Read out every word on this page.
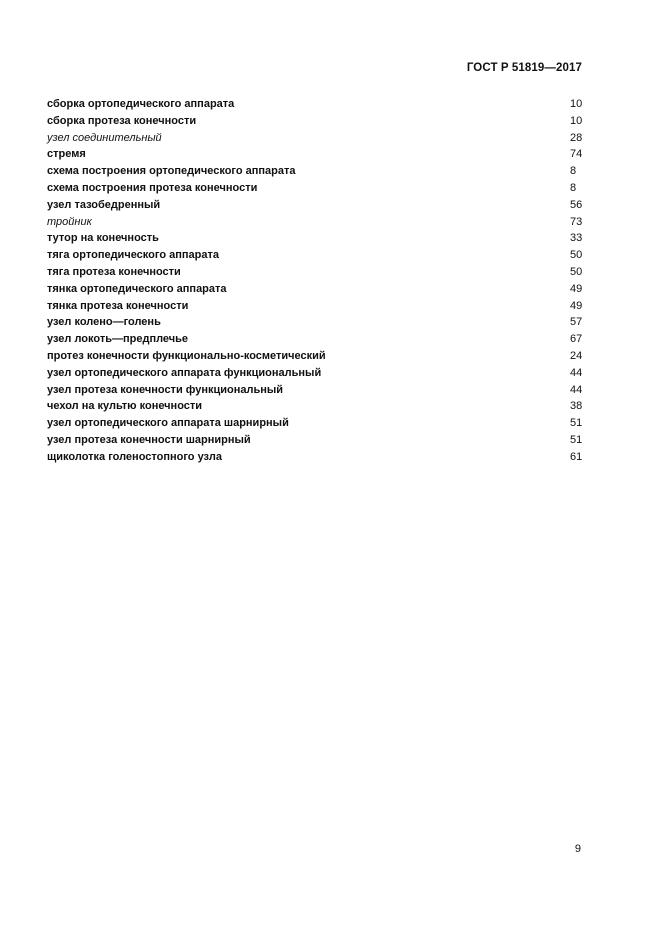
ГОСТ Р 51819—2017
сборка ортопедического аппарата	10
сборка протеза конечности	10
узел соединительный	28
стремя	74
схема построения ортопедического аппарата	8
схема построения протеза конечности	8
узел тазобедренный	56
тройник	73
тутор на конечность	33
тяга ортопедического аппарата	50
тяга протеза конечности	50
тянка ортопедического аппарата	49
тянка протеза конечности	49
узел колено—голень	57
узел локоть—предплечье	67
протез конечности функционально-косметический	24
узел ортопедического аппарата функциональный	44
узел протеза конечности функциональный	44
чехол на культю конечности	38
узел ортопедического аппарата шарнирный	51
узел протеза конечности шарнирный	51
щиколотка голеностопного узла	61
9
